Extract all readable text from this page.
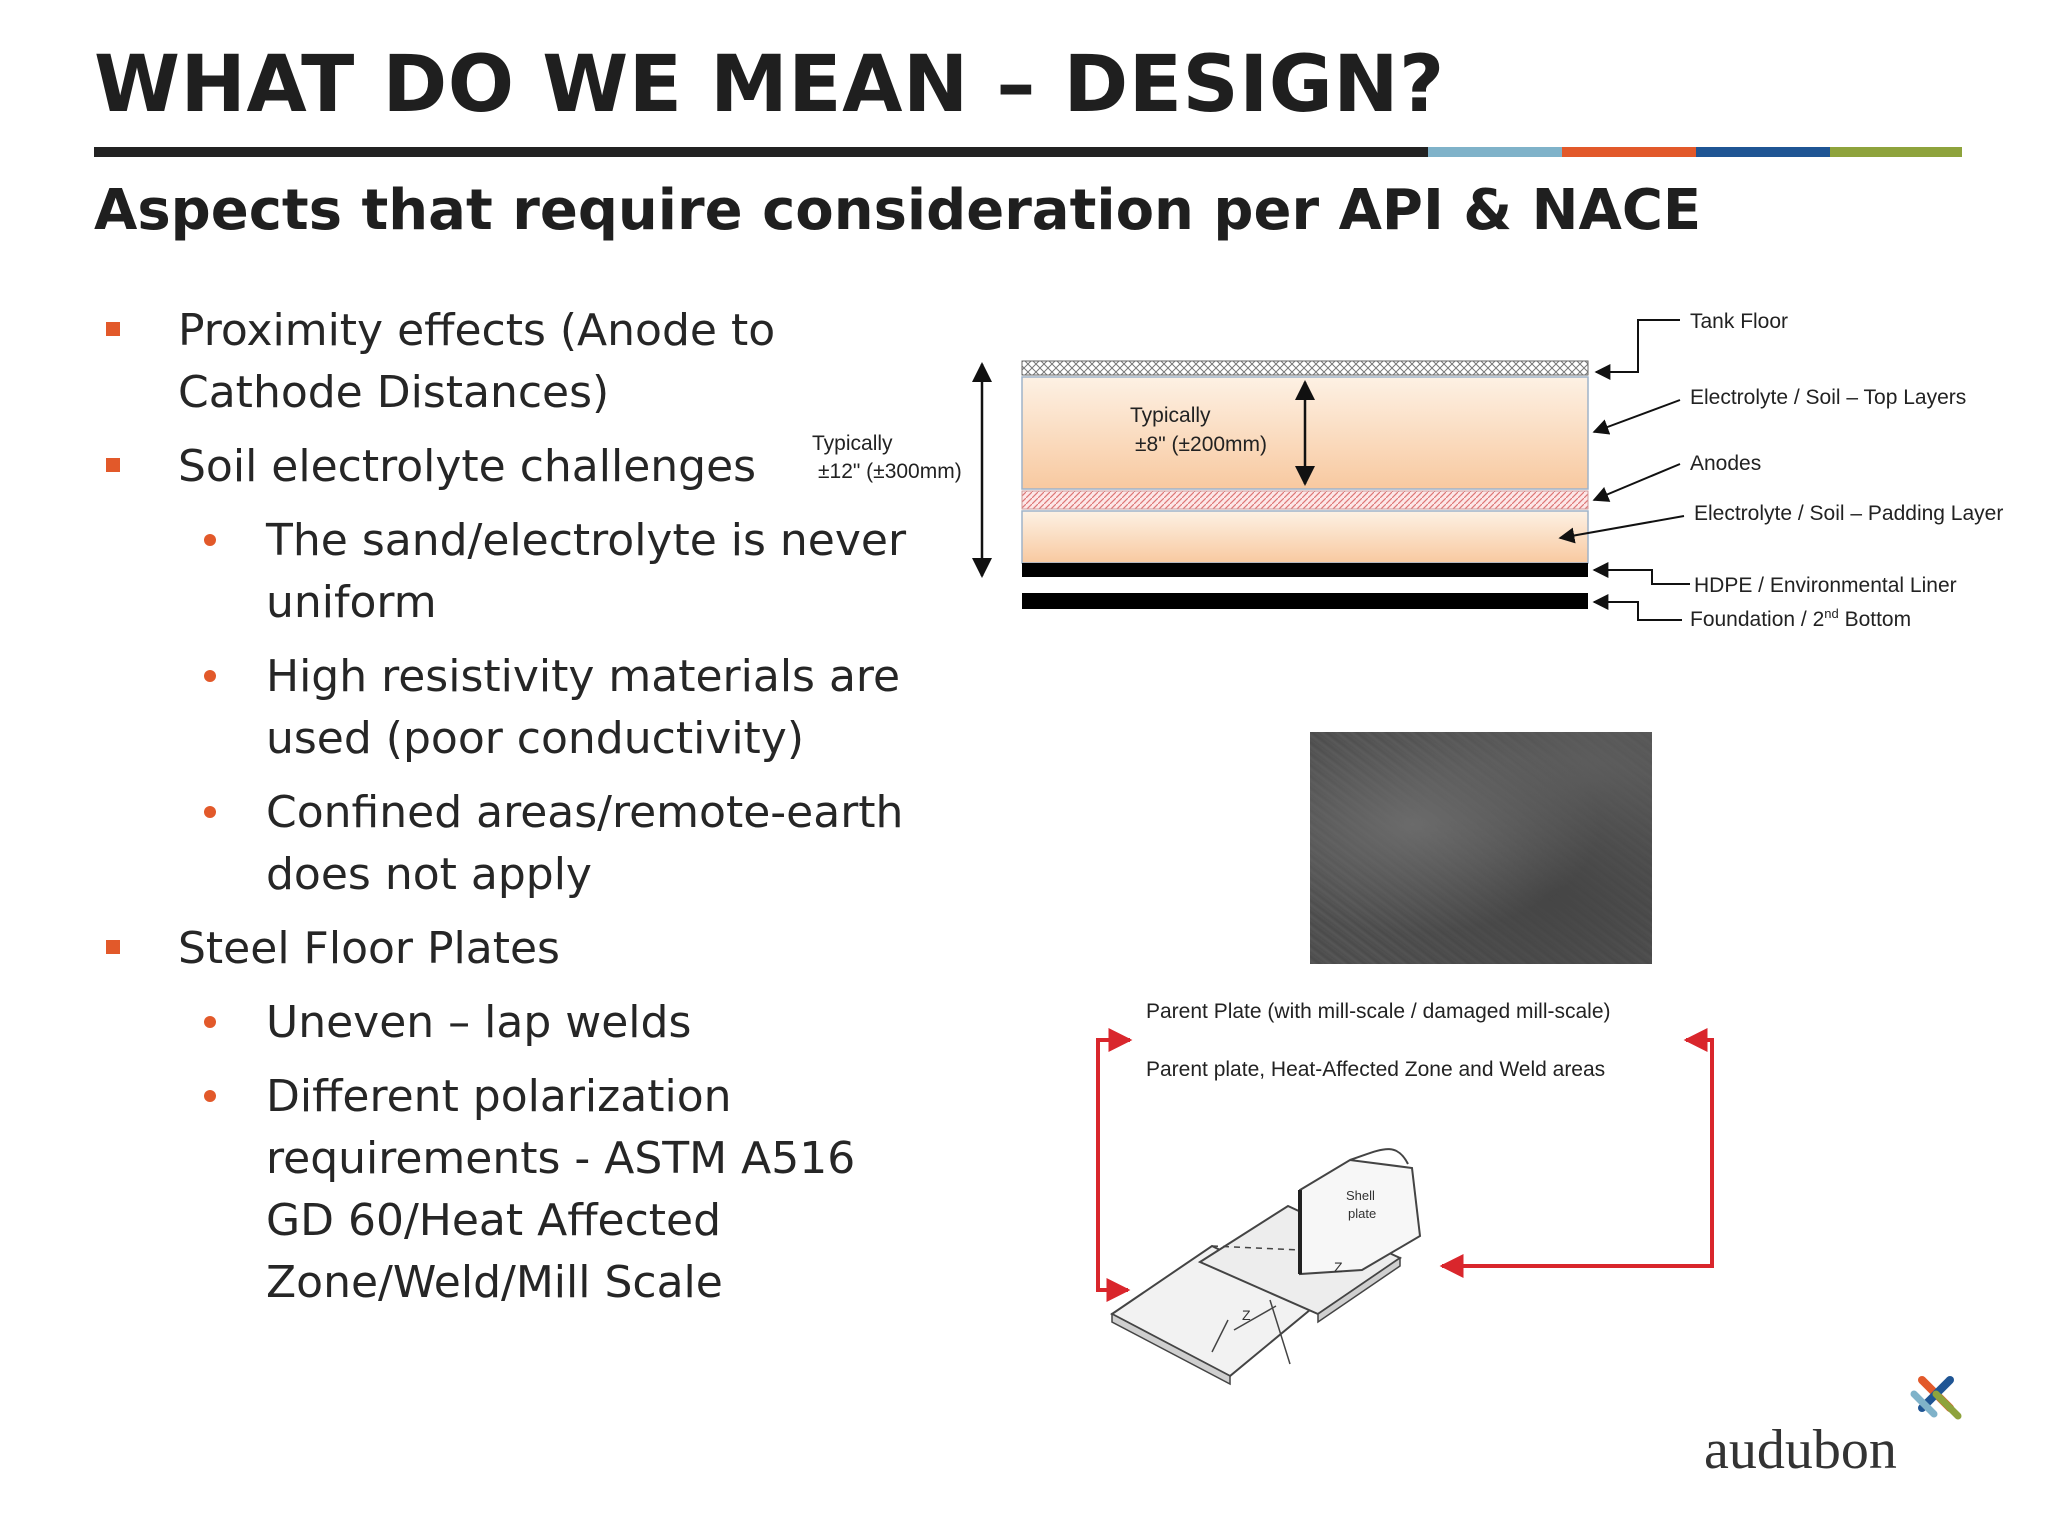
WHAT DO WE MEAN – DESIGN?
Aspects that require consideration per API & NACE
Proximity effects (Anode to Cathode Distances)
Soil electrolyte challenges
The sand/electrolyte is never uniform
High resistivity materials are used (poor conductivity)
Confined areas/remote-earth does not apply
Steel Floor Plates
Uneven – lap welds
Different polarization requirements - ASTM A516 GD 60/Heat Affected Zone/Weld/Mill Scale
Typically
±12" (±300mm)
Typically
±8" (±200mm)
Tank Floor
Electrolyte / Soil – Top Layers
Anodes
Electrolyte / Soil – Padding Layer
HDPE / Environmental Liner
Foundation / 2nd Bottom
Parent Plate (with mill-scale / damaged mill-scale)
Parent plate, Heat-Affected Zone and Weld areas
Shell
plate
Z
Z
audubon
